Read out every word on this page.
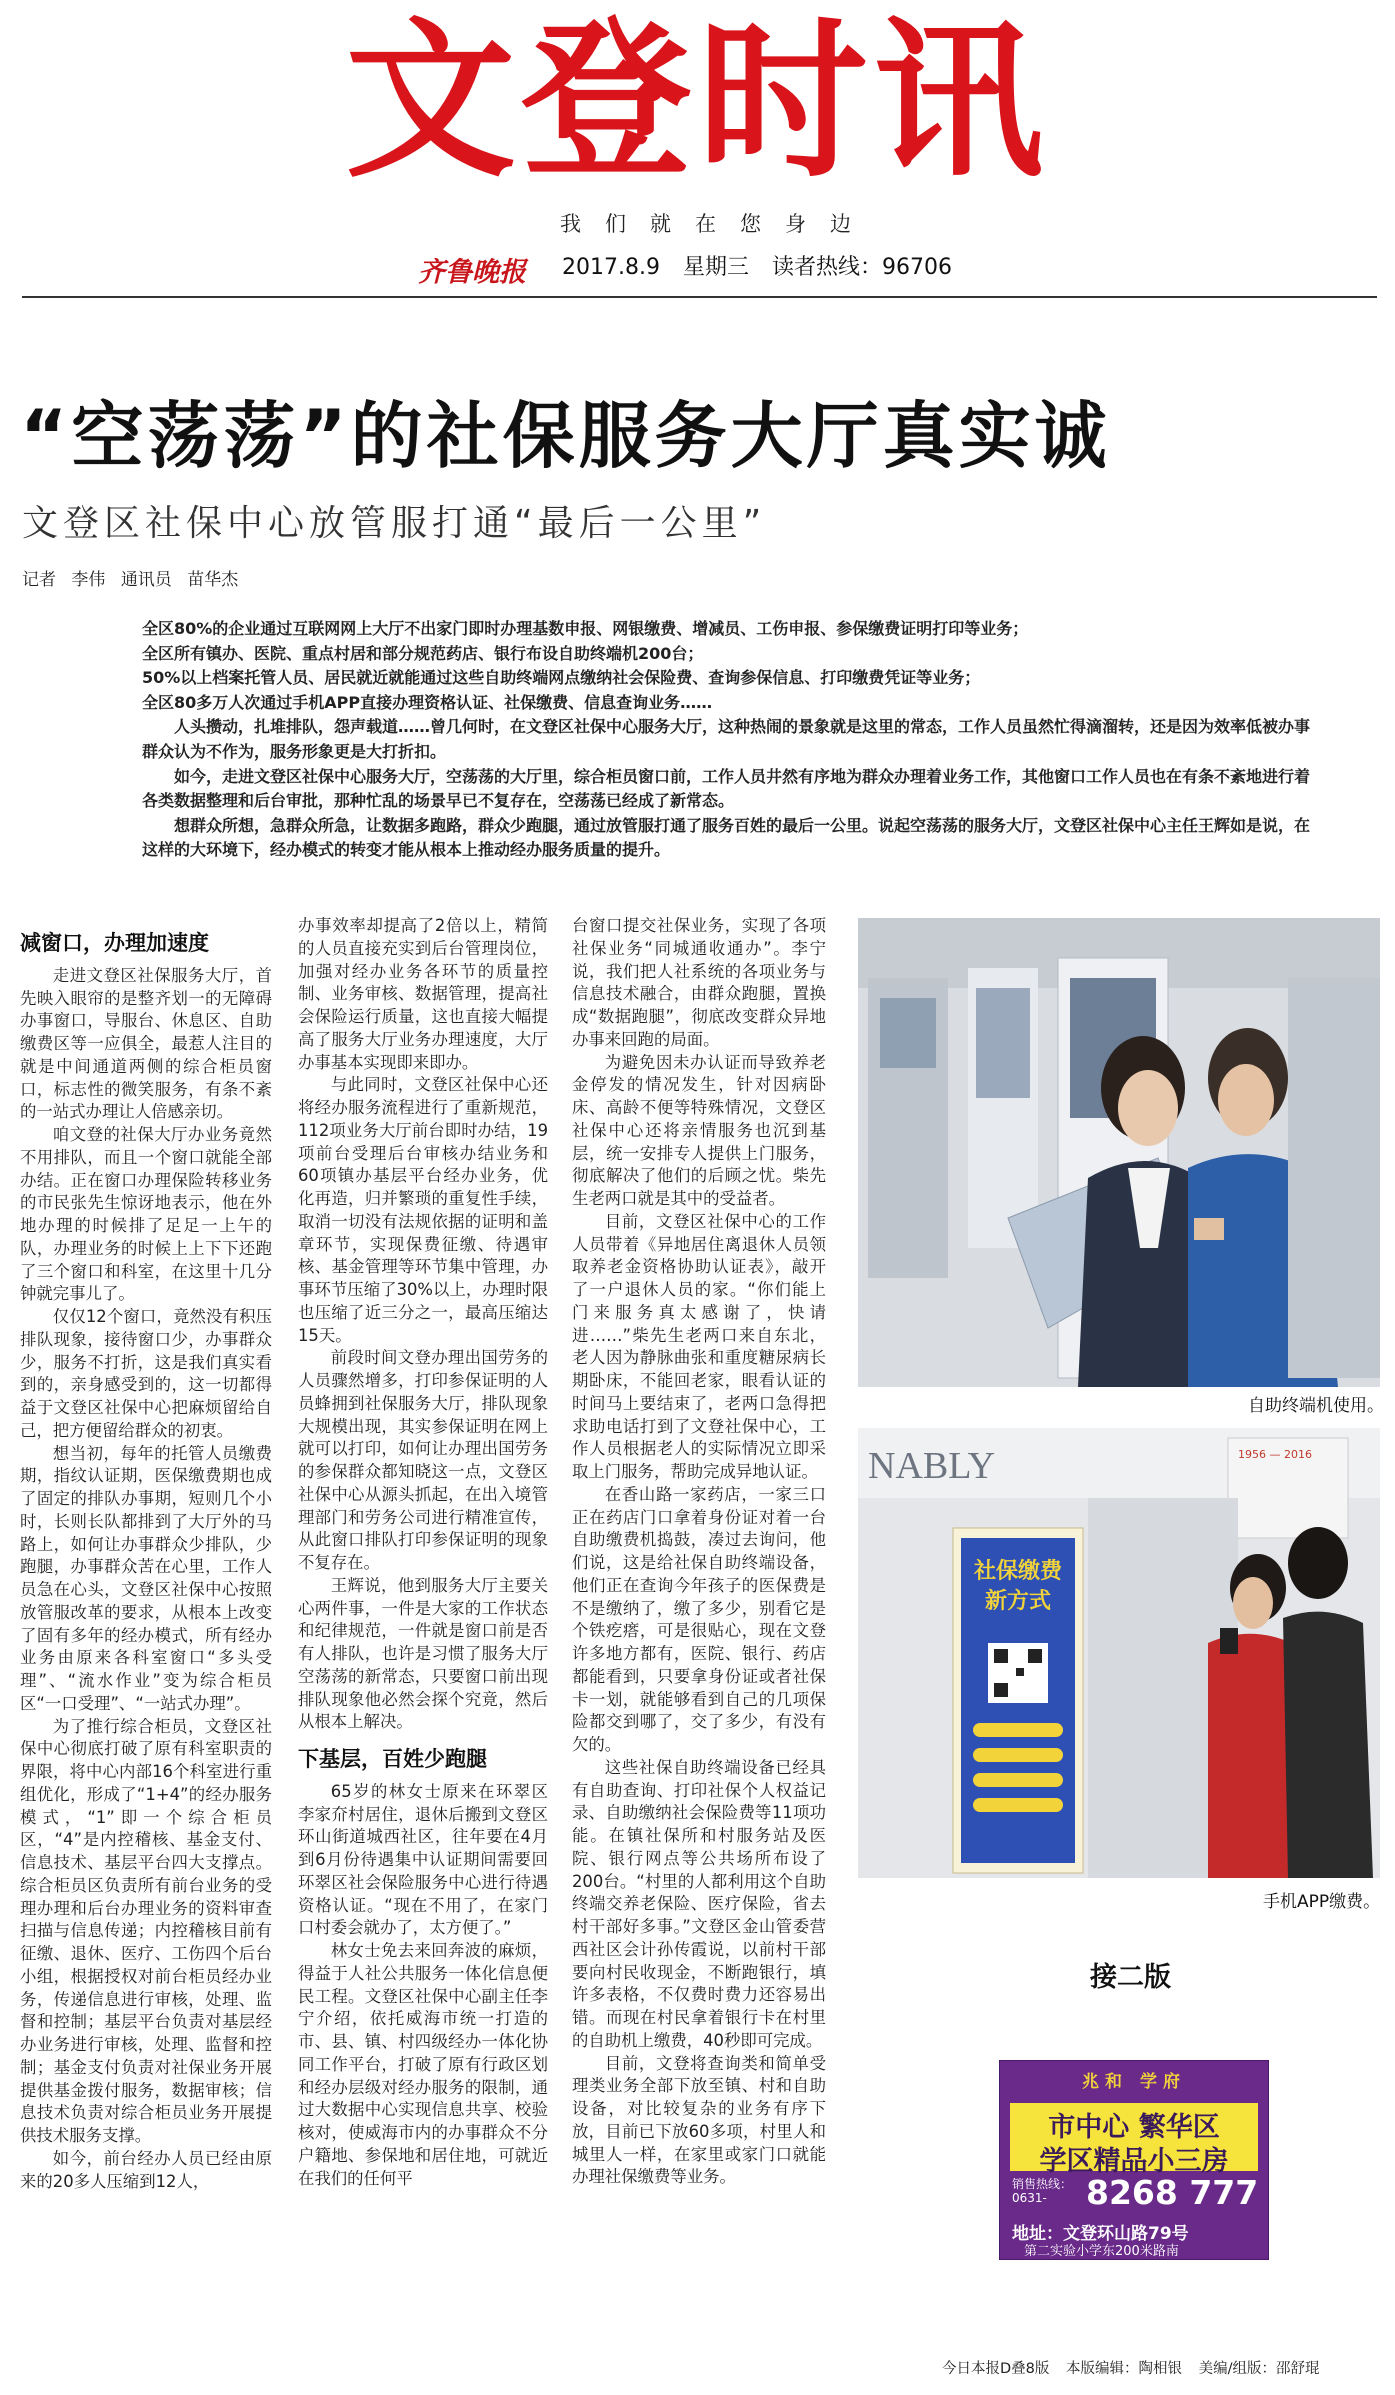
文登时讯
我们就在您身边
齐鲁晚报 2017.8.9 星期三 读者热线：96706
“空荡荡”的社保服务大厅真实诚
文登区社保中心放管服打通“最后一公里”
记者 李伟 通讯员 苗华杰

全区80%的企业通过互联网网上大厅不出家门即时办理基数申报、网银缴费、增减员、工伤申报、参保缴费证明打印等业务；

全区所有镇办、医院、重点村居和部分规范药店、银行布设自助终端机200台；

50%以上档案托管人员、居民就近就能通过这些自助终端网点缴纳社会保险费、查询参保信息、打印缴费凭证等业务；

全区80多万人次通过手机APP直接办理资格认证、社保缴费、信息查询业务……

人头攒动，扎堆排队，怨声载道……曾几何时，在文登区社保中心服务大厅，这种热闹的景象就是这里的常态，工作人员虽然忙得滴溜转，还是因为效率低被办事群众认为不作为，服务形象更是大打折扣。

如今，走进文登区社保中心服务大厅，空荡荡的大厅里，综合柜员窗口前，工作人员井然有序地为群众办理着业务工作，其他窗口工作人员也在有条不紊地进行着各类数据整理和后台审批，那种忙乱的场景早已不复存在，空荡荡已经成了新常态。

想群众所想，急群众所急，让数据多跑路，群众少跑腿，通过放管服打通了服务百姓的最后一公里。说起空荡荡的服务大厅，文登区社保中心主任王辉如是说，在这样的大环境下，经办模式的转变才能从根本上推动经办服务质量的提升。

减窗口，办理加速度

走进文登区社保服务大厅，首先映入眼帘的是整齐划一的无障碍办事窗口，导服台、休息区、自助缴费区等一应俱全，最惹人注目的就是中间通道两侧的综合柜员窗口，标志性的微笑服务，有条不紊的一站式办理让人倍感亲切。

咱文登的社保大厅办业务竟然不用排队，而且一个窗口就能全部办结。正在窗口办理保险转移业务的市民张先生惊讶地表示，他在外地办理的时候排了足足一上午的队，办理业务的时候上上下下还跑了三个窗口和科室，在这里十几分钟就完事儿了。

仅仅12个窗口，竟然没有积压排队现象，接待窗口少，办事群众少，服务不打折，这是我们真实看到的，亲身感受到的，这一切都得益于文登区社保中心把麻烦留给自己，把方便留给群众的初衷。

想当初，每年的托管人员缴费期，指纹认证期，医保缴费期也成了固定的排队办事期，短则几个小时，长则长队都排到了大厅外的马路上，如何让办事群众少排队，少跑腿，办事群众苦在心里，工作人员急在心头，文登区社保中心按照放管服改革的要求，从根本上改变了固有多年的经办模式，所有经办业务由原来各科室窗口“多头受理”、“流水作业”变为综合柜员区“一口受理”、“一站式办理”。

为了推行综合柜员，文登区社保中心彻底打破了原有科室职责的界限，将中心内部16个科室进行重组优化，形成了“1+4”的经办服务模式，“1”即一个综合柜员区，“4”是内控稽核、基金支付、信息技术、基层平台四大支撑点。综合柜员区负责所有前台业务的受理办理和后台办理业务的资料审查扫描与信息传递；内控稽核目前有征缴、退休、医疗、工伤四个后台小组，根据授权对前台柜员经办业务，传递信息进行审核，处理、监督和控制；基层平台负责对基层经办业务进行审核，处理、监督和控制；基金支付负责对社保业务开展提供基金拨付服务，数据审核；信息技术负责对综合柜员业务开展提供技术服务支撑。

如今，前台经办人员已经由原来的20多人压缩到12人，

办事效率却提高了2倍以上，精简的人员直接充实到后台管理岗位，加强对经办业务各环节的质量控制、业务审核、数据管理，提高社会保险运行质量，这也直接大幅提高了服务大厅业务办理速度，大厅办事基本实现即来即办。

与此同时，文登区社保中心还将经办服务流程进行了重新规范，112项业务大厅前台即时办结，19项前台受理后台审核办结业务和60项镇办基层平台经办业务，优化再造，归并繁琐的重复性手续，取消一切没有法规依据的证明和盖章环节，实现保费征缴、待遇审核、基金管理等环节集中管理，办事环节压缩了30%以上，办理时限也压缩了近三分之一，最高压缩达15天。

前段时间文登办理出国劳务的人员骤然增多，打印参保证明的人员蜂拥到社保服务大厅，排队现象大规模出现，其实参保证明在网上就可以打印，如何让办理出国劳务的参保群众都知晓这一点，文登区社保中心从源头抓起，在出入境管理部门和劳务公司进行精准宣传，从此窗口排队打印参保证明的现象不复存在。

王辉说，他到服务大厅主要关心两件事，一件是大家的工作状态和纪律规范，一件就是窗口前是否有人排队，也许是习惯了服务大厅空荡荡的新常态，只要窗口前出现排队现象他必然会探个究竟，然后从根本上解决。

下基层，百姓少跑腿

65岁的林女士原来在环翠区李家夼村居住，退休后搬到文登区环山街道城西社区，往年要在4月到6月份待遇集中认证期间需要回环翠区社会保险服务中心进行待遇资格认证。“现在不用了，在家门口村委会就办了，太方便了。”

林女士免去来回奔波的麻烦，得益于人社公共服务一体化信息便民工程。文登区社保中心副主任李宁介绍，依托威海市统一打造的市、县、镇、村四级经办一体化协同工作平台，打破了原有行政区划和经办层级对经办服务的限制，通过大数据中心实现信息共享、校验核对，使威海市内的办事群众不分户籍地、参保地和居住地，可就近在我们的任何平

台窗口提交社保业务，实现了各项社保业务“同城通收通办”。李宁说，我们把人社系统的各项业务与信息技术融合，由群众跑腿，置换成“数据跑腿”，彻底改变群众异地办事来回跑的局面。

为避免因未办认证而导致养老金停发的情况发生，针对因病卧床、高龄不便等特殊情况，文登区社保中心还将亲情服务也沉到基层，统一安排专人提供上门服务，彻底解决了他们的后顾之忧。柴先生老两口就是其中的受益者。

目前，文登区社保中心的工作人员带着《异地居住离退休人员领取养老金资格协助认证表》，敲开了一户退休人员的家。“你们能上门来服务真太感谢了，快请进……”柴先生老两口来自东北，老人因为静脉曲张和重度糖尿病长期卧床，不能回老家，眼看认证的时间马上要结束了，老两口急得把求助电话打到了文登社保中心，工作人员根据老人的实际情况立即采取上门服务，帮助完成异地认证。

在香山路一家药店，一家三口正在药店门口拿着身份证对着一台自助缴费机捣鼓，凑过去询问，他们说，这是给社保自助终端设备，他们正在查询今年孩子的医保费是不是缴纳了，缴了多少，别看它是个铁疙瘩，可是很贴心，现在文登许多地方都有，医院、银行、药店都能看到，只要拿身份证或者社保卡一划，就能够看到自己的几项保险都交到哪了，交了多少，有没有欠的。

这些社保自助终端设备已经具有自助查询、打印社保个人权益记录、自助缴纳社会保险费等11项功能。在镇社保所和村服务站及医院、银行网点等公共场所布设了200台。“村里的人都利用这个自助终端交养老保险、医疗保险，省去村干部好多事。”文登区金山管委营西社区会计孙传霞说，以前村干部要向村民收现金，不断跑银行，填许多表格，不仅费时费力还容易出错。而现在村民拿着银行卡在村里的自助机上缴费，40秒即可完成。

目前，文登将查询类和简单受理类业务全部下放至镇、村和自助设备，对比较复杂的业务有序下放，目前已下放60多项，村里人和城里人一样，在家里或家门口就能办理社保缴费等业务。

自助终端机使用。
NABLY	1956 — 2016
社保缴费
新方式
手机APP缴费。
接二版
兆和 学府
市中心 繁华区
学区精品小三房
销售热线：
0631-	8268 777
地址：文登环山路79号
第二实验小学东200米路南
今日本报D叠8版 本版编辑：陶相银 美编/组版：邵舒琨
